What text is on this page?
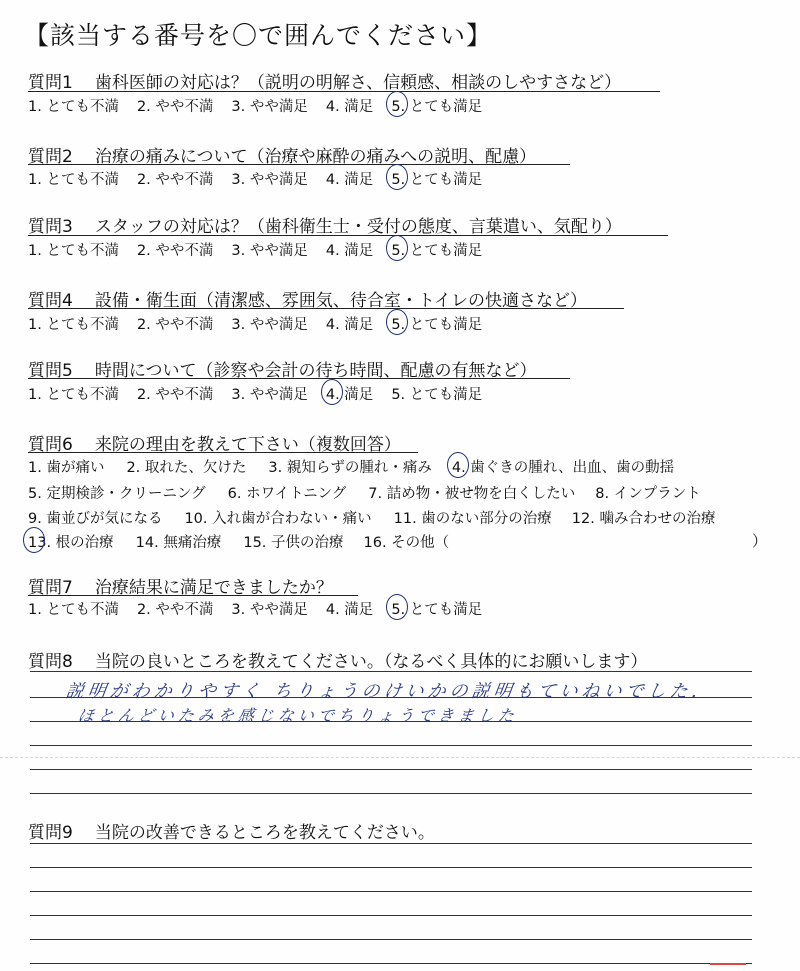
【該当する番号を〇で囲んでください】
質問1 歯科医師の対応は？（説明の明解さ、信頼感、相談のしやすさなど）
1. とても不満 2. やや不満 3. やや満足 4. 満足 5. とても満足
質問2 治療の痛みについて（治療や麻酔の痛みへの説明、配慮）
1. とても不満 2. やや不満 3. やや満足 4. 満足 5. とても満足
質問3 スタッフの対応は？（歯科衛生士・受付の態度、言葉遣い、気配り）
1. とても不満 2. やや不満 3. やや満足 4. 満足 5. とても満足
質問4 設備・衛生面（清潔感、雰囲気、待合室・トイレの快適さなど）
1. とても不満 2. やや不満 3. やや満足 4. 満足 5. とても満足
質問5 時間について（診察や会計の待ち時間、配慮の有無など）
1. とても不満 2. やや不満 3. やや満足 4. 満足 5. とても満足
質問6 来院の理由を教えて下さい（複数回答）
1. 歯が痛い 2. 取れた、欠けた 3. 親知らずの腫れ・痛み 4. 歯ぐきの腫れ、出血、歯の動揺
5. 定期検診・クリーニング 6. ホワイトニング 7. 詰め物・被せ物を白くしたい 8. インプラント
9. 歯並びが気になる 10. 入れ歯が合わない・痛い 11. 歯のない部分の治療 12. 噛み合わせの治療
13. 根の治療 14. 無痛治療 15. 子供の治療 16. その他（	）
質問7 治療結果に満足できましたか？
1. とても不満 2. やや不満 3. やや満足 4. 満足 5. とても満足
質問8 当院の良いところを教えてください。（なるべく具体的にお願いします）
説明がわかりやすく ちりょうのけいかの説明もていねいでした.
ほとんどいたみを感じないでちりょうできました
質問9 当院の改善できるところを教えてください。
